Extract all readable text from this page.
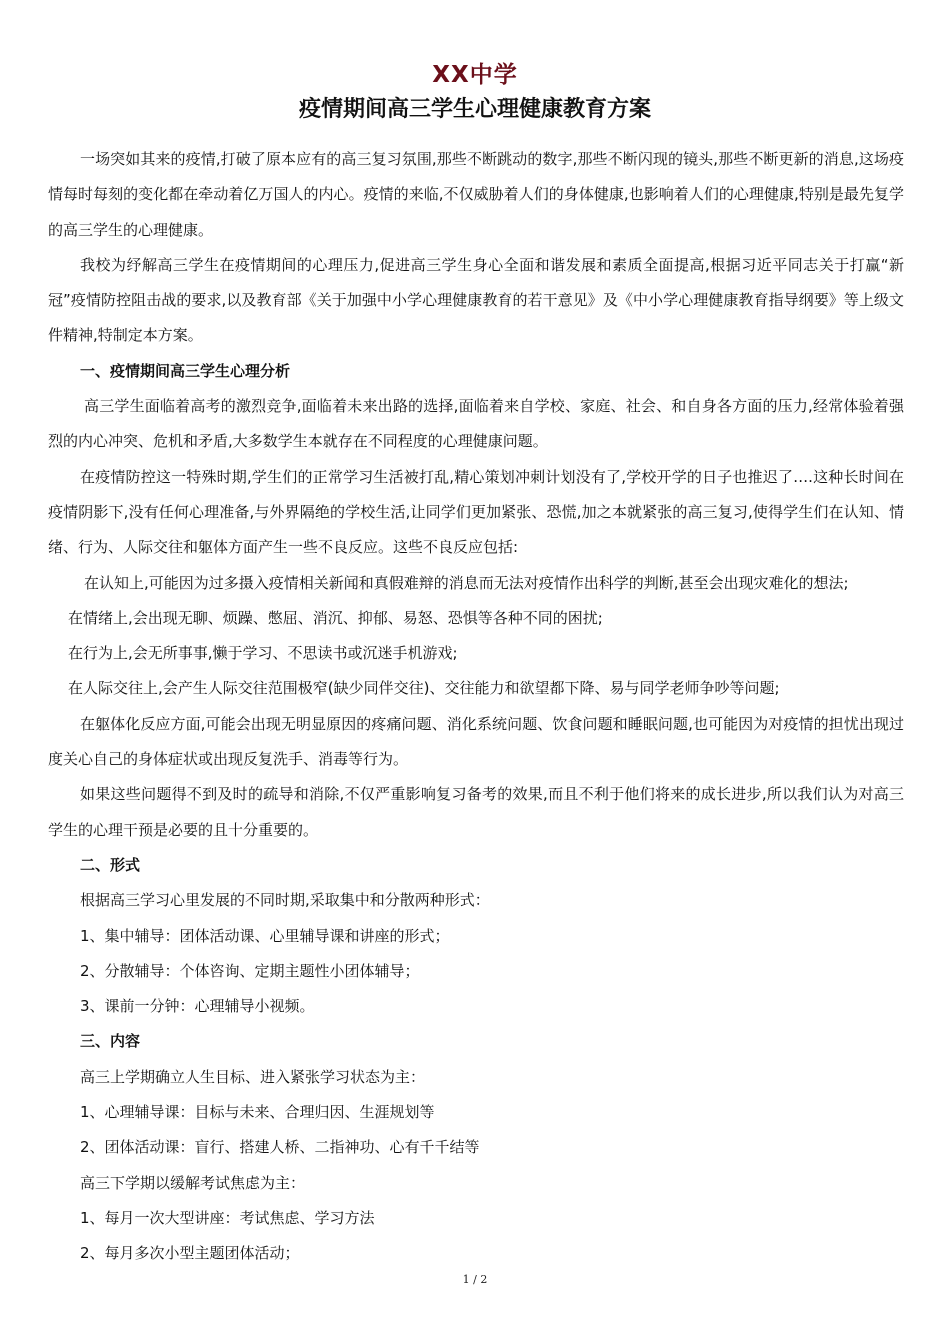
XX中学
疫情期间高三学生心理健康教育方案

一场突如其来的疫情,打破了原本应有的高三复习氛围,那些不断跳动的数字,那些不断闪现的镜头,那些不断更新的消息,这场疫情每时每刻的变化都在牵动着亿万国人的内心。疫情的来临,不仅威胁着人们的身体健康,也影响着人们的心理健康,特别是最先复学的高三学生的心理健康。

我校为纾解高三学生在疫情期间的心理压力,促进高三学生身心全面和谐发展和素质全面提高,根据习近平同志关于打赢“新冠”疫情防控阻击战的要求,以及教育部《关于加强中小学心理健康教育的若干意见》及《中小学心理健康教育指导纲要》等上级文件精神,特制定本方案。

一、疫情期间高三学生心理分析

高三学生面临着高考的激烈竞争,面临着未来出路的选择,面临着来自学校、家庭、社会、和自身各方面的压力,经常体验着强烈的内心冲突、危机和矛盾,大多数学生本就存在不同程度的心理健康问题。

在疫情防控这一特殊时期,学生们的正常学习生活被打乱,精心策划冲刺计划没有了,学校开学的日子也推迟了….这种长时间在疫情阴影下,没有任何心理准备,与外界隔绝的学校生活,让同学们更加紧张、恐慌,加之本就紧张的高三复习,使得学生们在认知、情绪、行为、人际交往和躯体方面产生一些不良反应。这些不良反应包括:

在认知上,可能因为过多摄入疫情相关新闻和真假难辩的消息而无法对疫情作出科学的判断,甚至会出现灾难化的想法;

在情绪上,会出现无聊、烦躁、憋屈、消沉、抑郁、易怒、恐惧等各种不同的困扰;

在行为上,会无所事事,懒于学习、不思读书或沉迷手机游戏;

在人际交往上,会产生人际交往范围极窄(缺少同伴交往)、交往能力和欲望都下降、易与同学老师争吵等问题;

在躯体化反应方面,可能会出现无明显原因的疼痛问题、消化系统问题、饮食问题和睡眠问题,也可能因为对疫情的担忧出现过度关心自己的身体症状或出现反复洗手、消毒等行为。

如果这些问题得不到及时的疏导和消除,不仅严重影响复习备考的效果,而且不利于他们将来的成长进步,所以我们认为对高三学生的心理干预是必要的且十分重要的。

二、形式

根据高三学习心里发展的不同时期,采取集中和分散两种形式：

1、集中辅导：团体活动课、心里辅导课和讲座的形式；

2、分散辅导：个体咨询、定期主题性小团体辅导；

3、课前一分钟：心理辅导小视频。

三、内容

高三上学期确立人生目标、进入紧张学习状态为主：

1、心理辅导课：目标与未来、合理归因、生涯规划等

2、团体活动课：盲行、搭建人桥、二指神功、心有千千结等

高三下学期以缓解考试焦虑为主：

1、每月一次大型讲座：考试焦虑、学习方法

2、每月多次小型主题团体活动；

1 / 2
